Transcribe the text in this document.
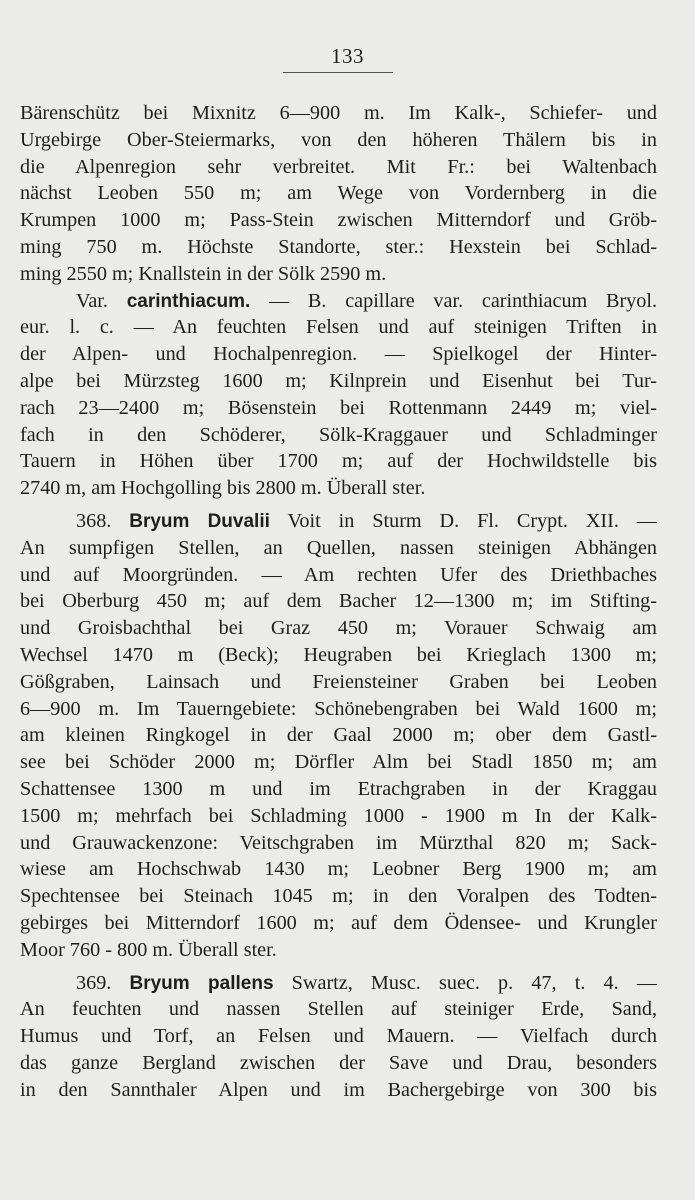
133
Bärenschütz bei Mixnitz 6—900 m. Im Kalk-, Schiefer- und
Urgebirge Ober-Steiermarks, von den höheren Thälern bis in
die Alpenregion sehr verbreitet. Mit Fr.: bei Waltenbach
nächst Leoben 550 m; am Wege von Vordernberg in die
Krumpen 1000 m; Pass-Stein zwischen Mitterndorf und Gröb-
ming 750 m. Höchste Standorte, ster.: Hexstein bei Schlad-
ming 2550 m; Knallstein in der Sölk 2590 m.
Var. carinthiacum. — B. capillare var. carinthiacum Bryol.
eur. l. c. — An feuchten Felsen und auf steinigen Triften in
der Alpen- und Hochalpenregion. — Spielkogel der Hinter-
alpe bei Mürzsteg 1600 m; Kilnprein und Eisenhut bei Tur-
rach 23—2400 m; Bösenstein bei Rottenmann 2449 m; viel-
fach in den Schöderer, Sölk-Kraggauer und Schladminger
Tauern in Höhen über 1700 m; auf der Hochwildstelle bis
2740 m, am Hochgolling bis 2800 m. Überall ster.
368. Bryum Duvalii Voit in Sturm D. Fl. Crypt. XII. —
An sumpfigen Stellen, an Quellen, nassen steinigen Abhängen
und auf Moorgründen. — Am rechten Ufer des Driethbaches
bei Oberburg 450 m; auf dem Bacher 12—1300 m; im Stifting-
und Groisbachthal bei Graz 450 m; Vorauer Schwaig am
Wechsel 1470 m (Beck); Heugraben bei Krieglach 1300 m;
Gößgraben, Lainsach und Freiensteiner Graben bei Leoben
6—900 m. Im Tauerngebiete: Schönebengraben bei Wald 1600 m;
am kleinen Ringkogel in der Gaal 2000 m; ober dem Gastl-
see bei Schöder 2000 m; Dörfler Alm bei Stadl 1850 m; am
Schattensee 1300 m und im Etrachgraben in der Kraggau
1500 m; mehrfach bei Schladming 1000 - 1900 m In der Kalk-
und Grauwackenzone: Veitschgraben im Mürzthal 820 m; Sack-
wiese am Hochschwab 1430 m; Leobner Berg 1900 m; am
Spechtensee bei Steinach 1045 m; in den Voralpen des Todten-
gebirges bei Mitterndorf 1600 m; auf dem Ödensee- und Krungler
Moor 760 - 800 m. Überall ster.
369. Bryum pallens Swartz, Musc. suec. p. 47, t. 4. —
An feuchten und nassen Stellen auf steiniger Erde, Sand,
Humus und Torf, an Felsen und Mauern. — Vielfach durch
das ganze Bergland zwischen der Save und Drau, besonders
in den Sannthaler Alpen und im Bachergebirge von 300 bis
